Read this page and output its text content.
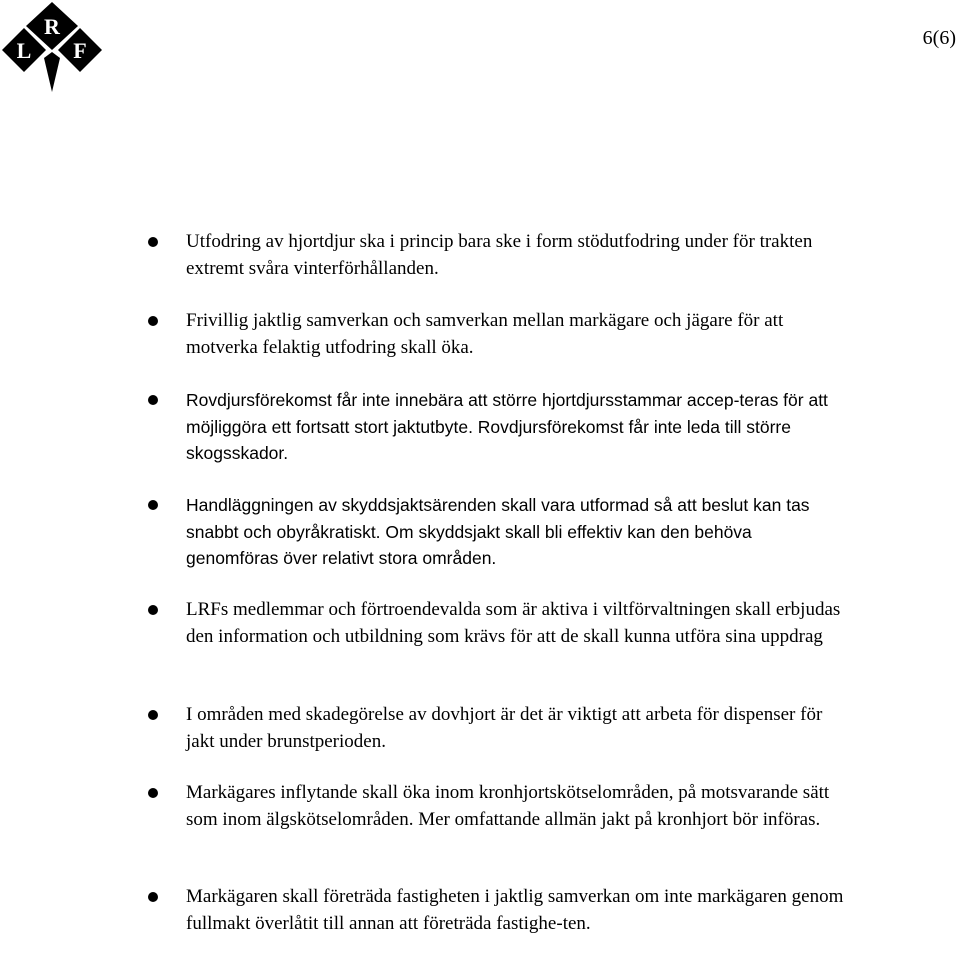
R
L F	6(6)

Utfodring av hjortdjur ska i princip bara ske i form stödutfodring under för trakten extremt svåra vinterförhållanden.

Frivillig jaktlig samverkan och samverkan mellan markägare och jägare för att motverka felaktig utfodring skall öka.

Rovdjursförekomst får inte innebära att större hjortdjursstammar accep-teras för att möjliggöra ett fortsatt stort jaktutbyte. Rovdjursförekomst får inte leda till större skogsskador.

Handläggningen av skyddsjaktsärenden skall vara utformad så att beslut kan tas snabbt och obyråkratiskt. Om skyddsjakt skall bli effektiv kan den behöva genomföras över relativt stora områden.

LRFs medlemmar och förtroendevalda som är aktiva i viltförvaltningen skall erbjudas den information och utbildning som krävs för att de skall kunna utföra sina uppdrag

I områden med skadegörelse av dovhjort är det är viktigt att arbeta för dispenser för jakt under brunstperioden.

Markägares inflytande skall öka inom kronhjortskötselområden, på motsvarande sätt som inom älgskötselområden. Mer omfattande allmän jakt på kronhjort bör införas.

Markägaren skall företräda fastigheten i jaktlig samverkan om inte markägaren genom fullmakt överlåtit till annan att företräda fastighe-ten.
